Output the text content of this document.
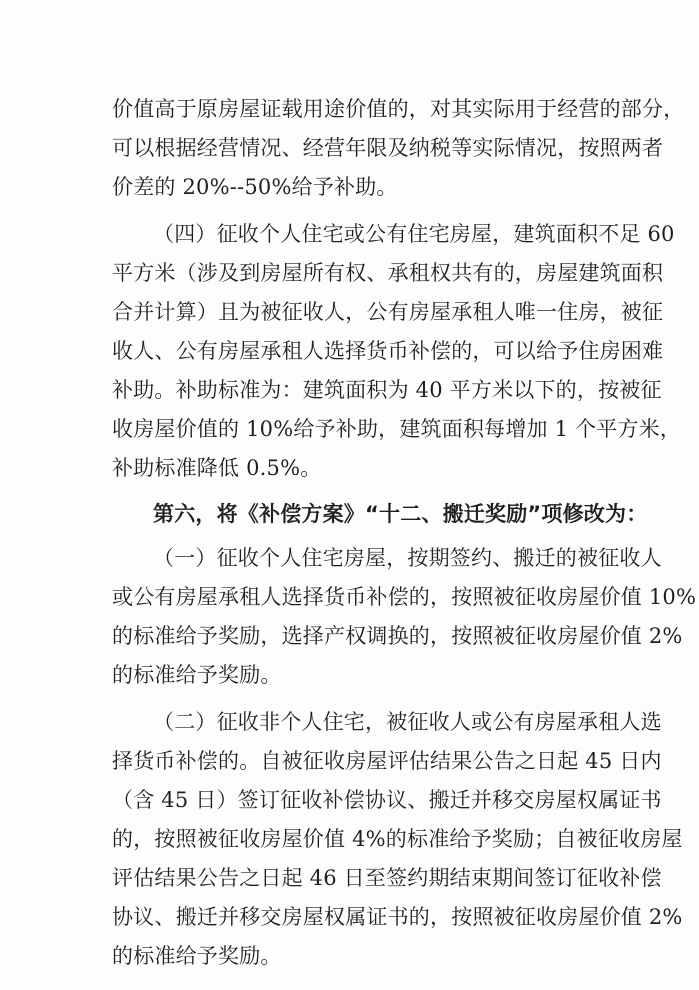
价值高于原房屋证载用途价值的，对其实际用于经营的部分，
可以根据经营情况、经营年限及纳税等实际情况，按照两者
价差的 20%--50%给予补助。
（四）征收个人住宅或公有住宅房屋，建筑面积不足 60
平方米（涉及到房屋所有权、承租权共有的，房屋建筑面积
合并计算）且为被征收人，公有房屋承租人唯一住房，被征
收人、公有房屋承租人选择货币补偿的，可以给予住房困难
补助。补助标准为：建筑面积为 40 平方米以下的，按被征
收房屋价值的 10%给予补助，建筑面积每增加 1 个平方米，
补助标准降低 0.5%。
第六，将《补偿方案》“十二、搬迁奖励”项修改为：
（一）征收个人住宅房屋，按期签约、搬迁的被征收人
或公有房屋承租人选择货币补偿的，按照被征收房屋价值 10%
的标准给予奖励，选择产权调换的，按照被征收房屋价值 2%
的标准给予奖励。
（二）征收非个人住宅，被征收人或公有房屋承租人选
择货币补偿的。自被征收房屋评估结果公告之日起 45 日内
（含 45 日）签订征收补偿协议、搬迁并移交房屋权属证书
的，按照被征收房屋价值 4%的标准给予奖励；自被征收房屋
评估结果公告之日起 46 日至签约期结束期间签订征收补偿
协议、搬迁并移交房屋权属证书的，按照被征收房屋价值 2%
的标准给予奖励。
